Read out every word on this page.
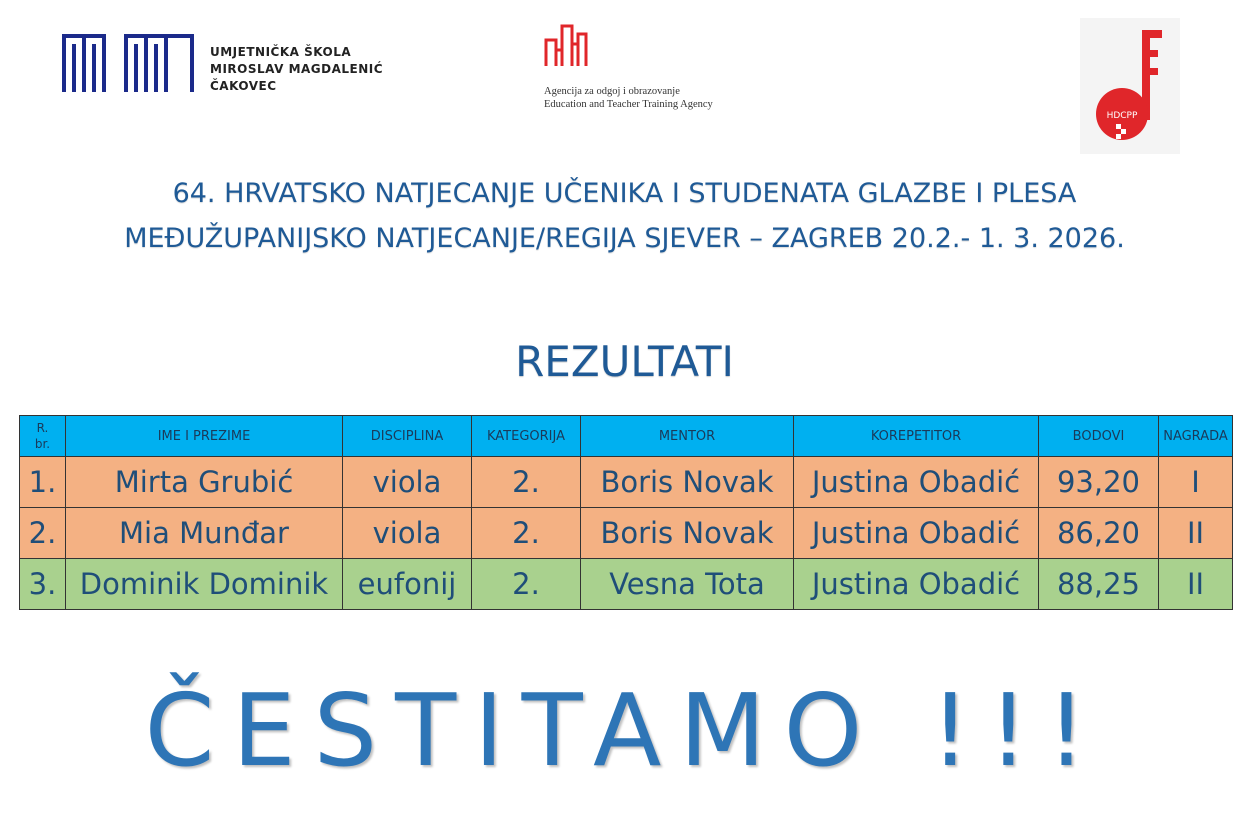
UMJETNIČKA ŠKOLA
MIROSLAV MAGDALENIĆ
ČAKOVEC	Agencija za odgoj i obrazovanje
Education and Teacher Training Agency
HDCPP
64. HRVATSKO NATJECANJE UČENIKA I STUDENATA GLAZBE I PLESA
MEĐUŽUPANIJSKO NATJECANJE/REGIJA SJEVER – ZAGREB 20.2.- 1. 3. 2026.
REZULTATI
R.
br.	IME I PREZIME	DISCIPLINA	KATEGORIJA	MENTOR	KOREPETITOR	BODOVI	NAGRADA
1.	Mirta Grubić	viola	2.	Boris Novak	Justina Obadić	93,20	I
2.	Mia Munđar	viola	2.	Boris Novak	Justina Obadić	86,20	II
3.	Dominik Dominik	eufonij	2.	Vesna Tota	Justina Obadić	88,25	II
ČESTITAMO !!!
